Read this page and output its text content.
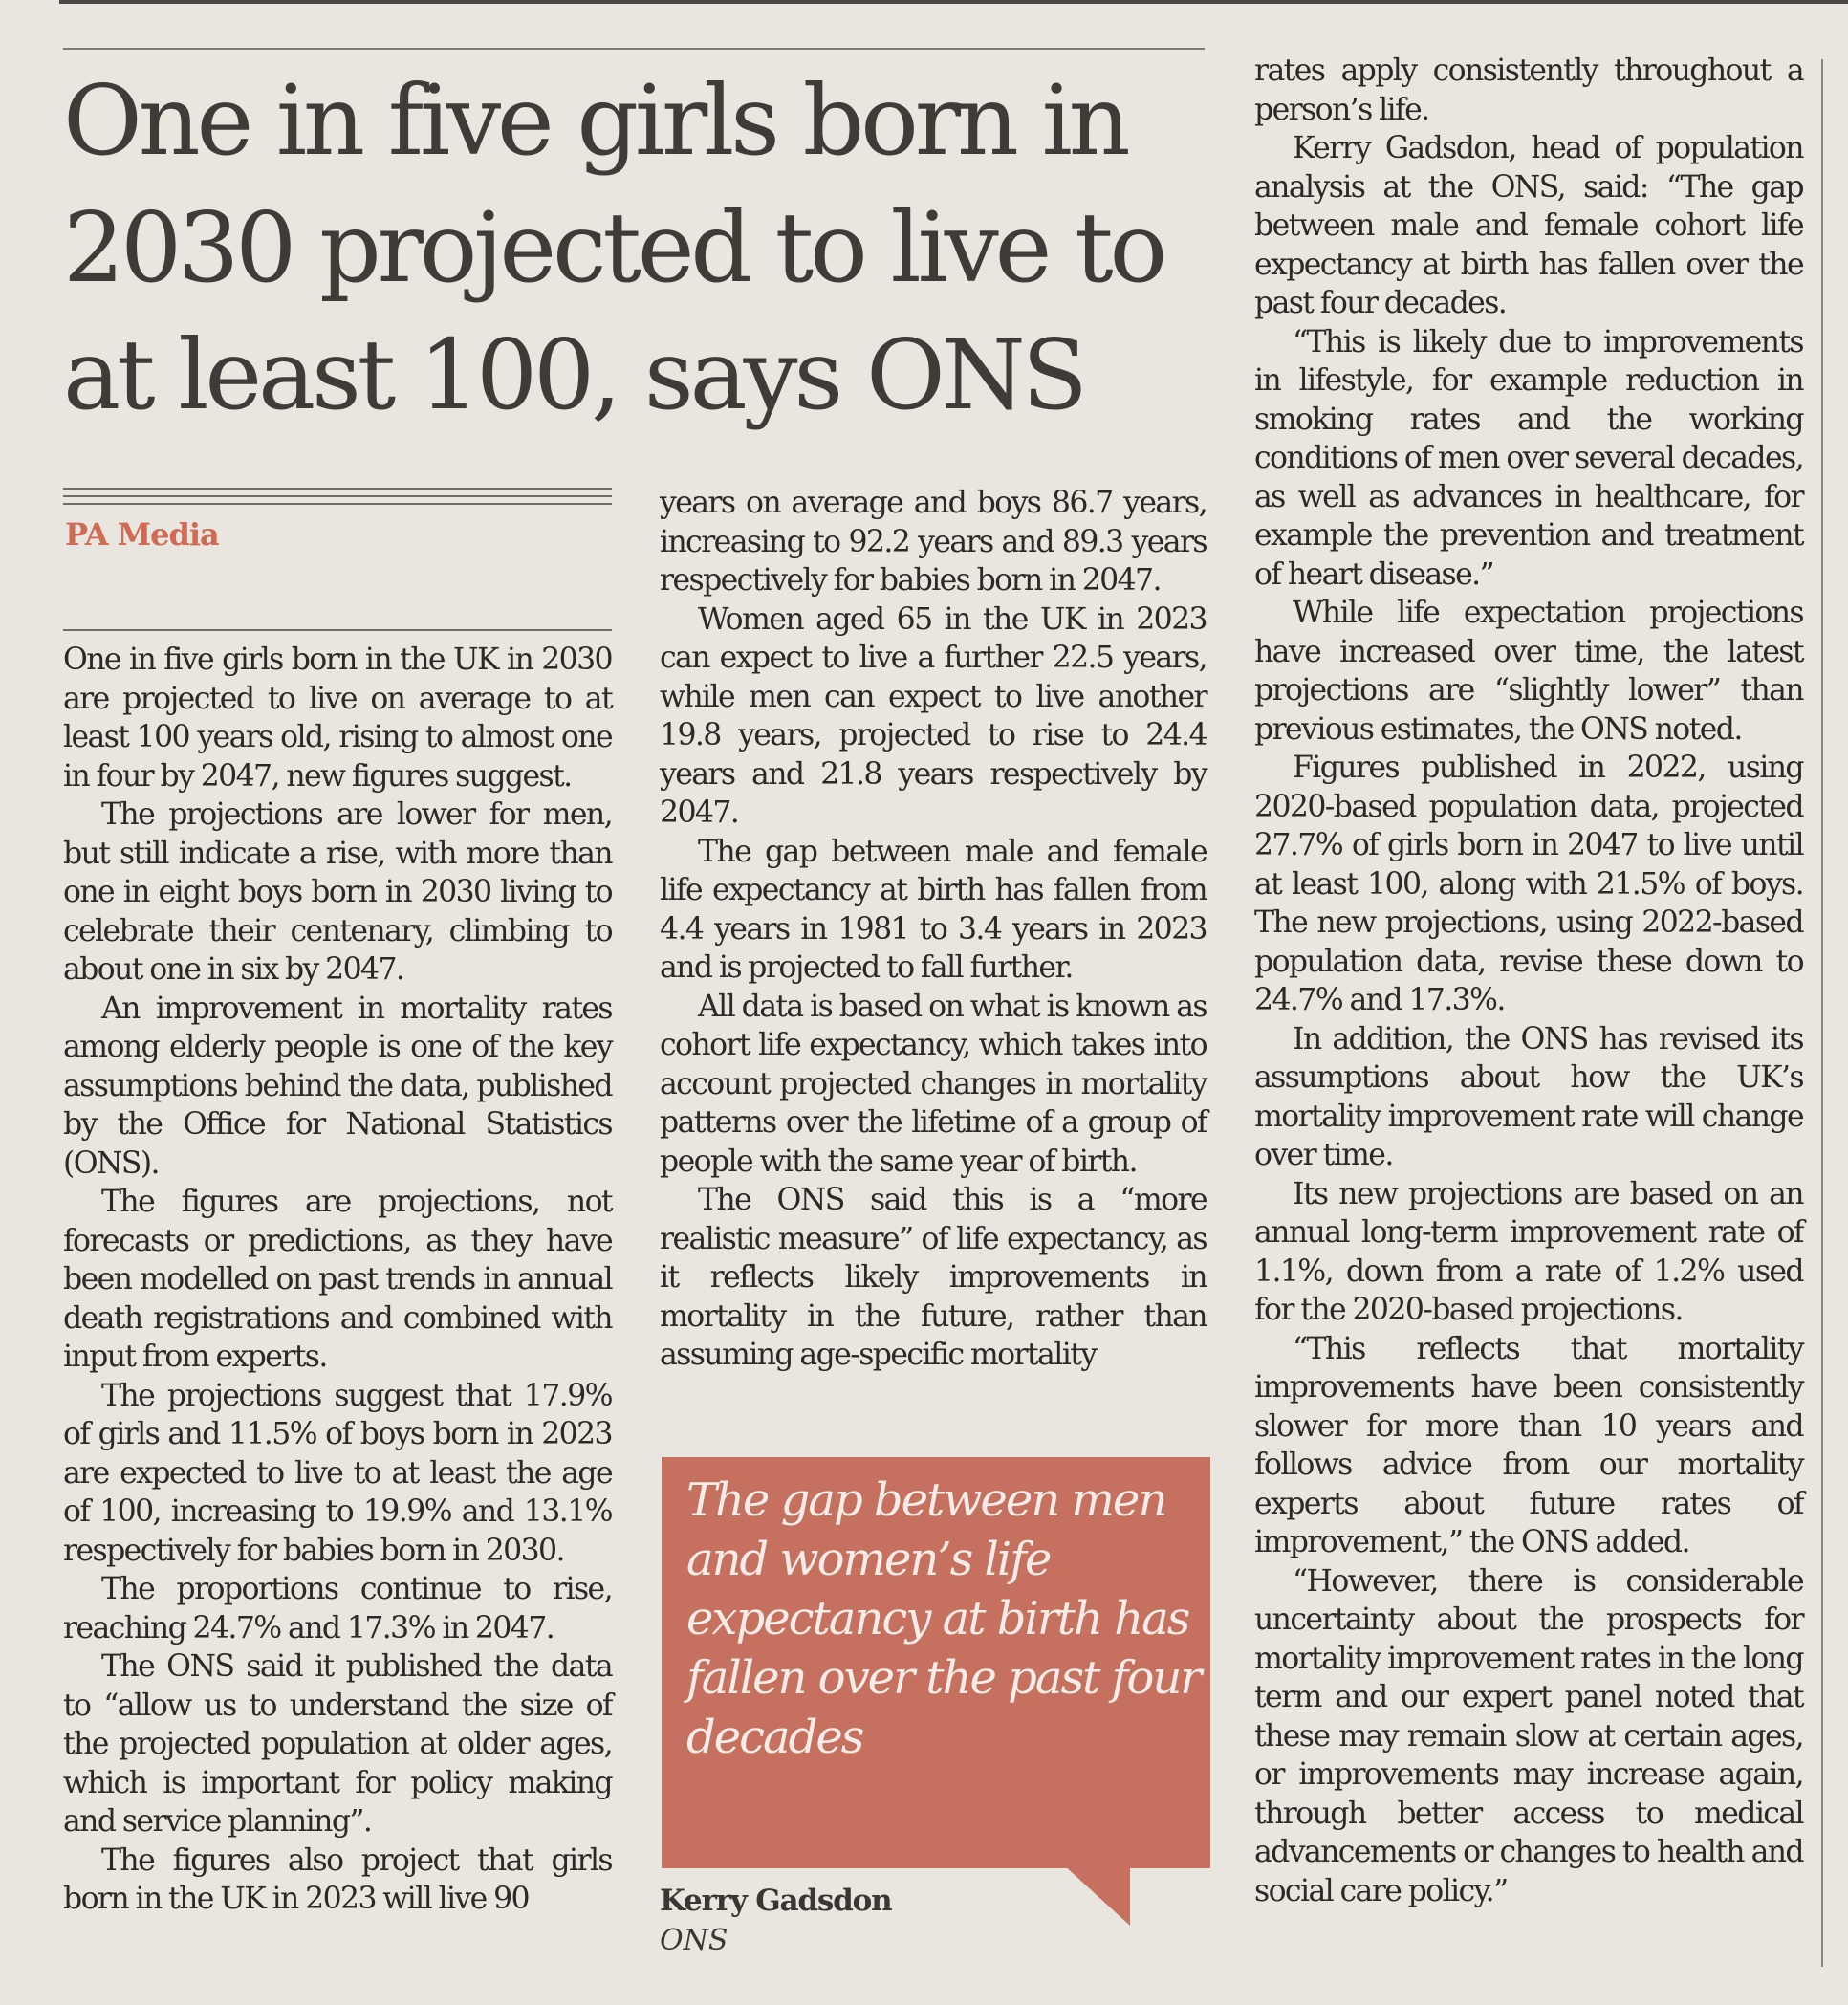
One in five girls born in 2030 projected to live to at least 100, says ONS
PA Media

One in five girls born in the UK in 2030 are projected to live on average to at least 100 years old, rising to almost one in four by 2047, new figures suggest.

The projections are lower for men, but still indicate a rise, with more than one in eight boys born in 2030 living to celebrate their centenary, climbing to about one in six by 2047.

An improvement in mortality rates among elderly people is one of the key assumptions behind the data, published by the Office for National Statistics (ONS).

The figures are projections, not forecasts or predictions, as they have been modelled on past trends in annual death registrations and combined with input from experts.

The projections suggest that 17.9% of girls and 11.5% of boys born in 2023 are expected to live to at least the age of 100, increasing to 19.9% and 13.1% respectively for babies born in 2030.

The proportions continue to rise, reaching 24.7% and 17.3% in 2047.

The ONS said it published the data to “allow us to understand the size of the projected population at older ages, which is important for policy making and service planning”.

The figures also project that girls born in the UK in 2023 will live 90

years on average and boys 86.7 years, increasing to 92.2 years and 89.3 years respectively for babies born in 2047.

Women aged 65 in the UK in 2023 can expect to live a further 22.5 years, while men can expect to live another 19.8 years, projected to rise to 24.4 years and 21.8 years respectively by 2047.

The gap between male and female life expectancy at birth has fallen from 4.4 years in 1981 to 3.4 years in 2023 and is projected to fall further.

All data is based on what is known as cohort life expectancy, which takes into account projected changes in mortality patterns over the lifetime of a group of people with the same year of birth.

The ONS said this is a “more realistic measure” of life expectancy, as it reflects likely improvements in mortality in the future, rather than assuming age-specific mortality

The gap between men and women’s life expectancy at birth has fallen over the past four decades
Kerry Gadsdon
ONS

rates apply consistently throughout a person’s life.

Kerry Gadsdon, head of population analysis at the ONS, said: “The gap between male and female cohort life expectancy at birth has fallen over the past four decades.

“This is likely due to improvements in lifestyle, for example reduction in smoking rates and the working conditions of men over several decades, as well as advances in healthcare, for example the prevention and treatment of heart disease.”

While life expectation projections have increased over time, the latest projections are “slightly lower” than previous estimates, the ONS noted.

Figures published in 2022, using 2020-based population data, projected 27.7% of girls born in 2047 to live until at least 100, along with 21.5% of boys. The new projections, using 2022-based population data, revise these down to 24.7% and 17.3%.

In addition, the ONS has revised its assumptions about how the UK’s mortality improvement rate will change over time.

Its new projections are based on an annual long-term improvement rate of 1.1%, down from a rate of 1.2% used for the 2020-based projections.

“This reflects that mortality improvements have been consistently slower for more than 10 years and follows advice from our mortality experts about future rates of improvement,” the ONS added.

“However, there is considerable uncertainty about the prospects for mortality improvement rates in the long term and our expert panel noted that these may remain slow at certain ages, or improvements may increase again, through better access to medical advancements or changes to health and social care policy.”
